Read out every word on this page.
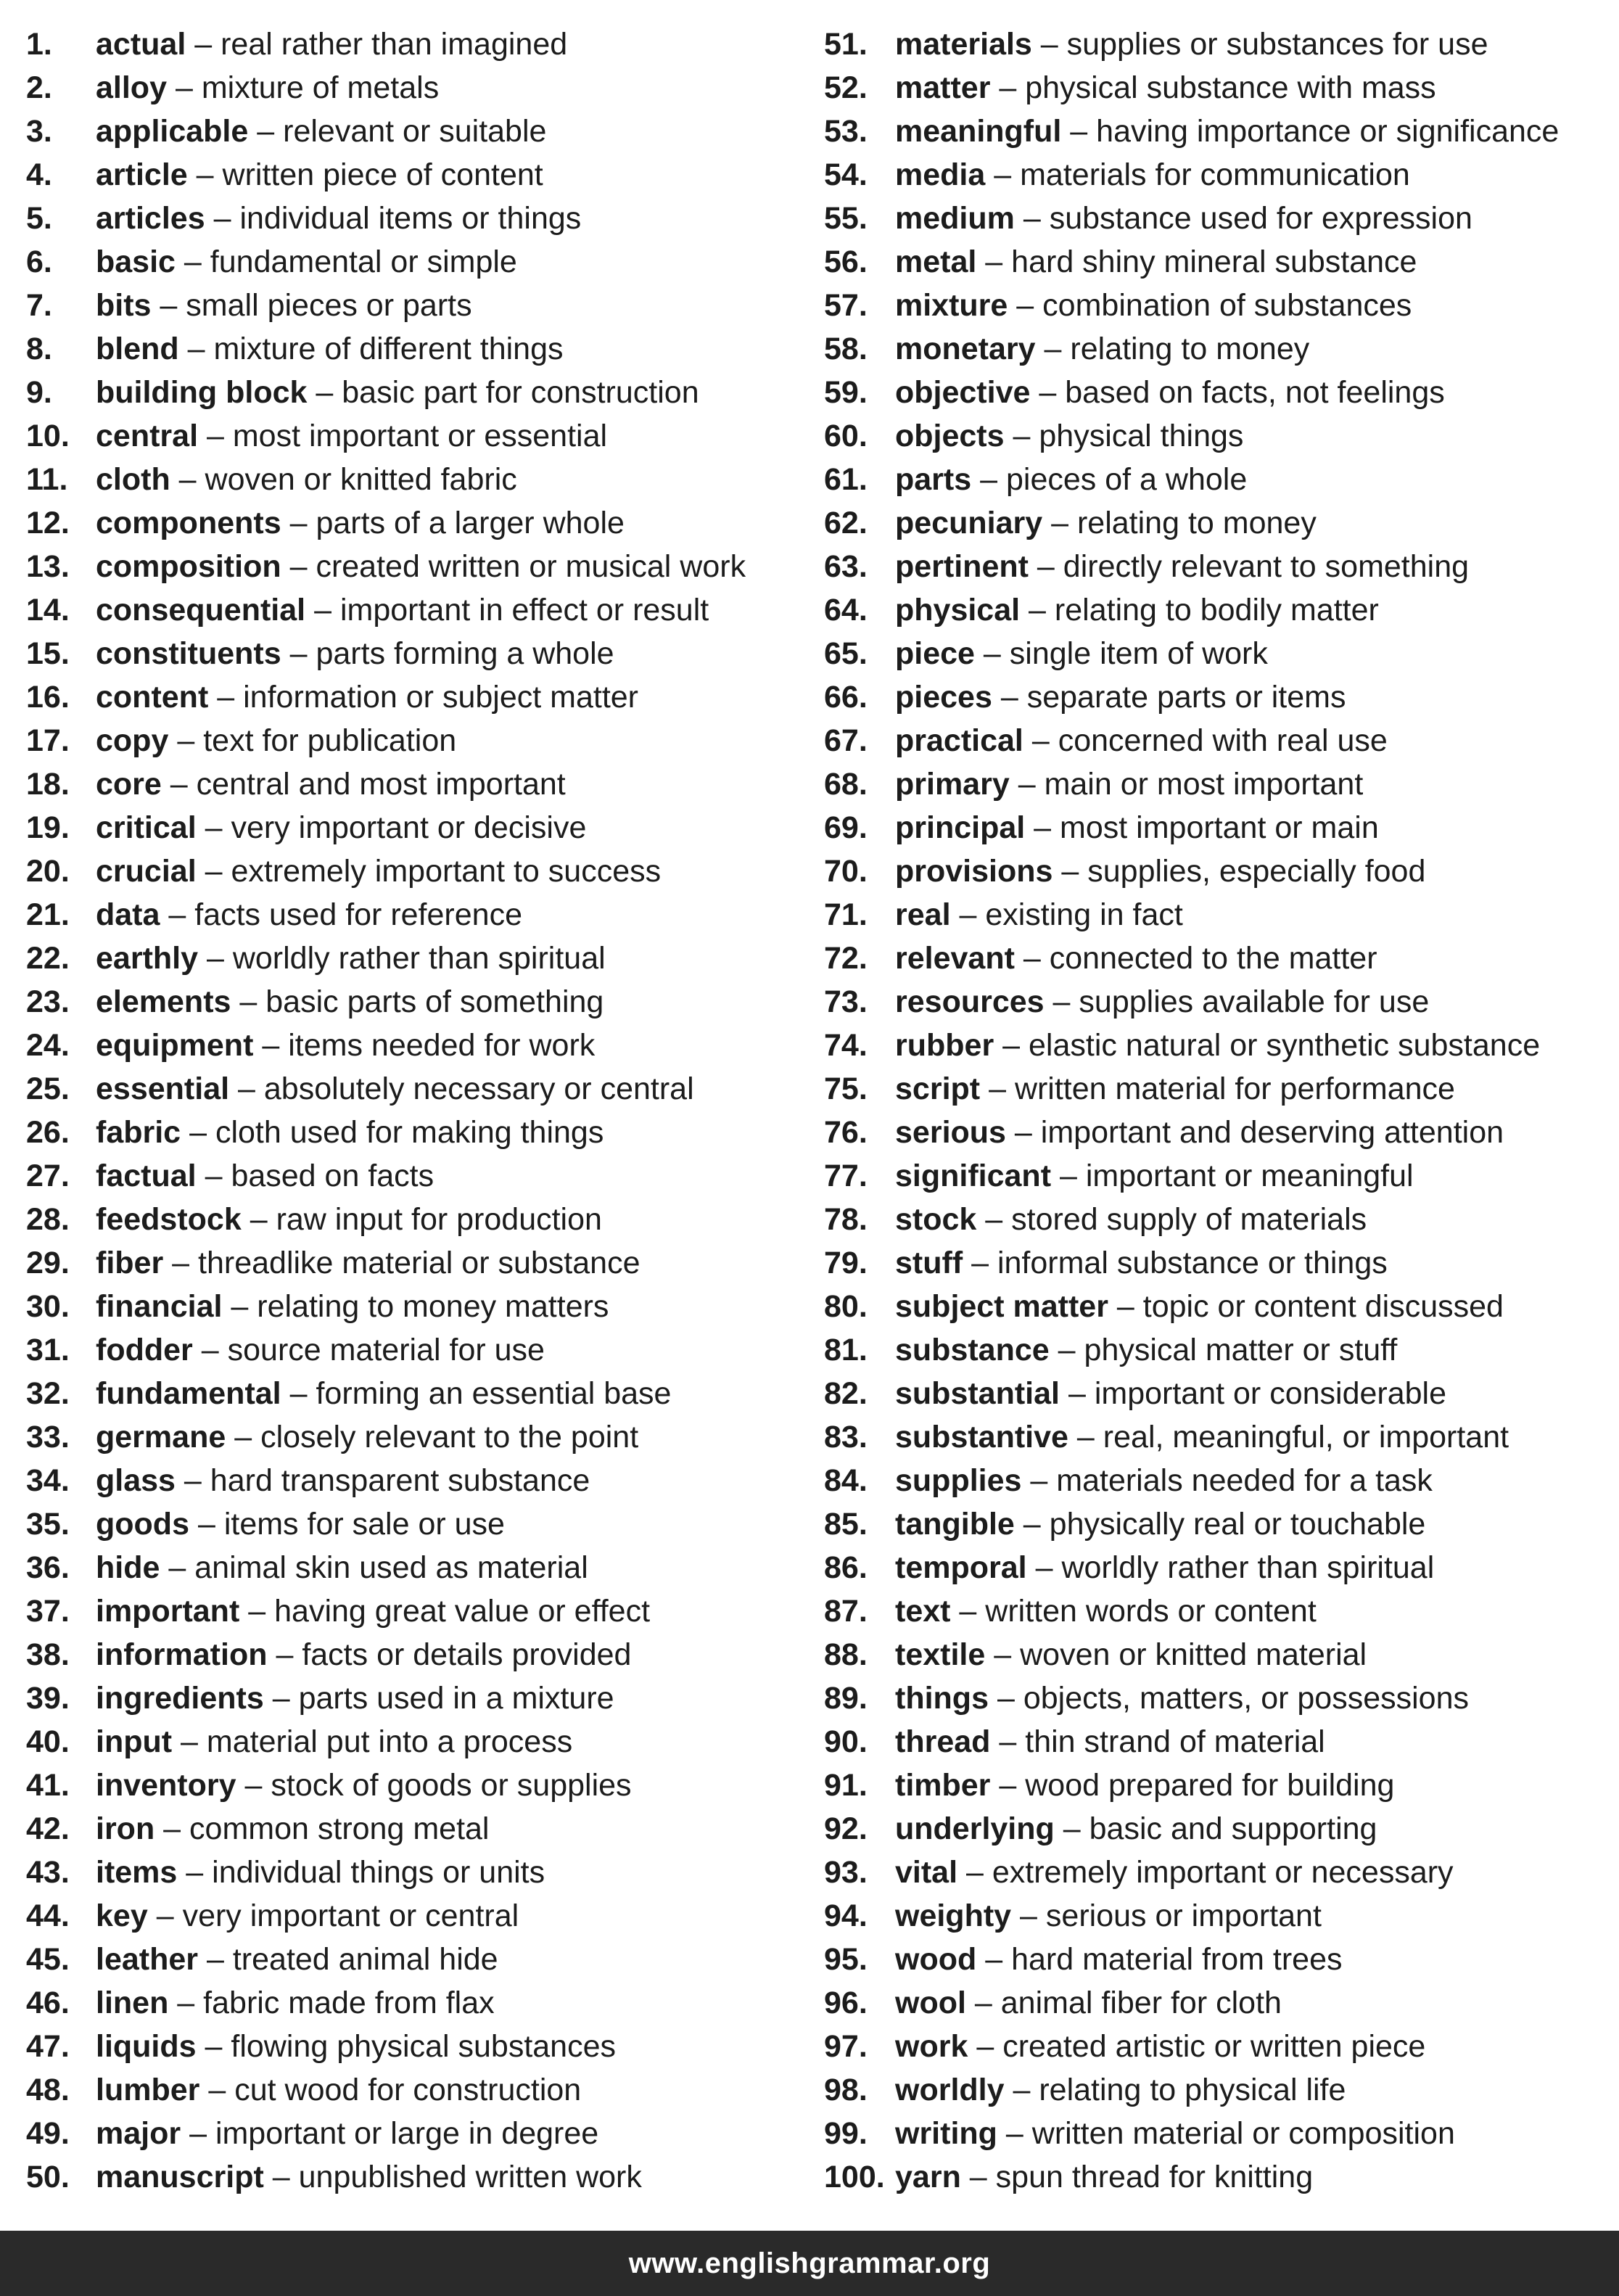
1.	actual – real rather than imagined
2.	alloy – mixture of metals
3.	applicable – relevant or suitable
4.	article – written piece of content
5.	articles – individual items or things
6.	basic – fundamental or simple
7.	bits – small pieces or parts
8.	blend – mixture of different things
9.	building block – basic part for construction
10. central – most important or essential
11. cloth – woven or knitted fabric
12. components – parts of a larger whole
13. composition – created written or musical work
14. consequential – important in effect or result
15. constituents – parts forming a whole
16. content – information or subject matter
17. copy – text for publication
18. core – central and most important
19. critical – very important or decisive
20. crucial – extremely important to success
21. data – facts used for reference
22. earthly – worldly rather than spiritual
23. elements – basic parts of something
24. equipment – items needed for work
25. essential – absolutely necessary or central
26. fabric – cloth used for making things
27. factual – based on facts
28. feedstock – raw input for production
29. fiber – threadlike material or substance
30. financial – relating to money matters
31. fodder – source material for use
32. fundamental – forming an essential base
33. germane – closely relevant to the point
34. glass – hard transparent substance
35. goods – items for sale or use
36. hide – animal skin used as material
37. important – having great value or effect
38. information – facts or details provided
39. ingredients – parts used in a mixture
40. input – material put into a process
41. inventory – stock of goods or supplies
42. iron – common strong metal
43. items – individual things or units
44. key – very important or central
45. leather – treated animal hide
46. linen – fabric made from flax
47. liquids – flowing physical substances
48. lumber – cut wood for construction
49. major – important or large in degree
50. manuscript – unpublished written work
51. materials – supplies or substances for use
52. matter – physical substance with mass
53. meaningful – having importance or significance
54. media – materials for communication
55. medium – substance used for expression
56. metal – hard shiny mineral substance
57. mixture – combination of substances
58. monetary – relating to money
59. objective – based on facts, not feelings
60. objects – physical things
61. parts – pieces of a whole
62. pecuniary – relating to money
63. pertinent – directly relevant to something
64. physical – relating to bodily matter
65. piece – single item of work
66. pieces – separate parts or items
67. practical – concerned with real use
68. primary – main or most important
69. principal – most important or main
70. provisions – supplies, especially food
71. real – existing in fact
72. relevant – connected to the matter
73. resources – supplies available for use
74. rubber – elastic natural or synthetic substance
75. script – written material for performance
76. serious – important and deserving attention
77. significant – important or meaningful
78. stock – stored supply of materials
79. stuff – informal substance or things
80. subject matter – topic or content discussed
81. substance – physical matter or stuff
82. substantial – important or considerable
83. substantive – real, meaningful, or important
84. supplies – materials needed for a task
85. tangible – physically real or touchable
86. temporal – worldly rather than spiritual
87. text – written words or content
88. textile – woven or knitted material
89. things – objects, matters, or possessions
90. thread – thin strand of material
91. timber – wood prepared for building
92. underlying – basic and supporting
93. vital – extremely important or necessary
94. weighty – serious or important
95. wood – hard material from trees
96. wool – animal fiber for cloth
97. work – created artistic or written piece
98. worldly – relating to physical life
99. writing – written material or composition
100. yarn – spun thread for knitting
www.englishgrammar.org
